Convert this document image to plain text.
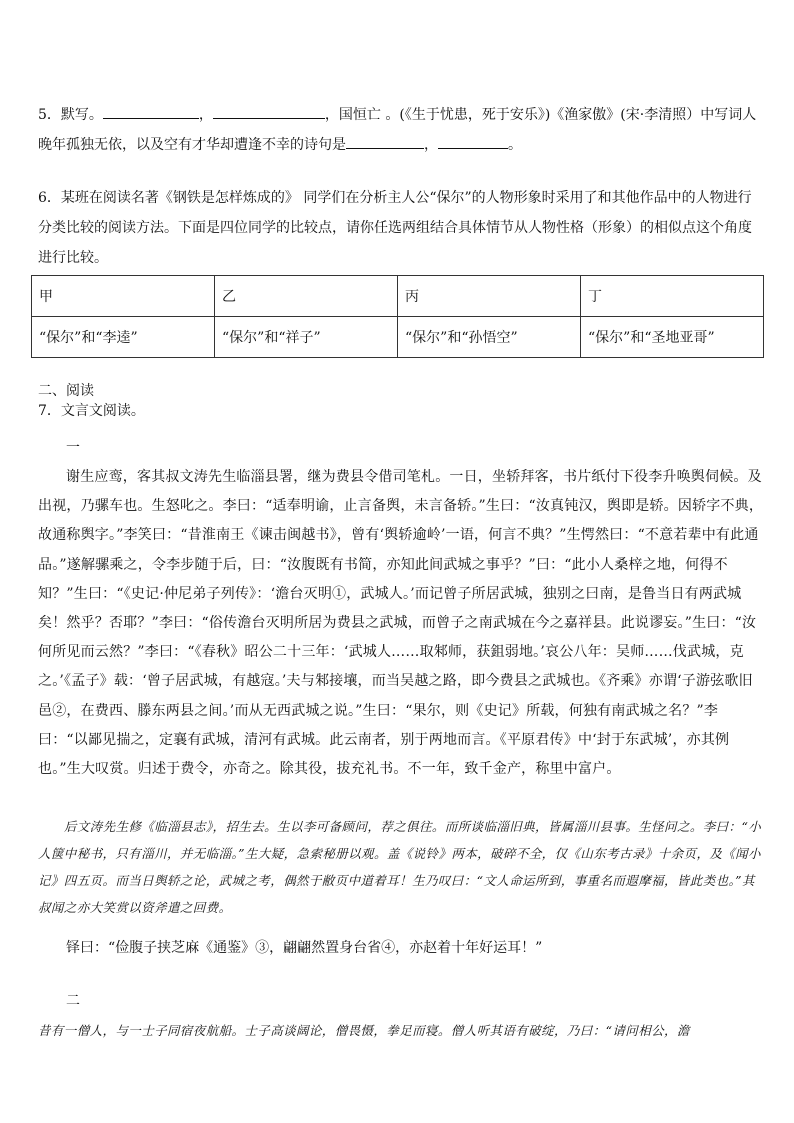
5．默写。	，	，国恒亡 。(《生于忧患，死于安乐》)《渔家傲》(宋·李清照）中写词人晚年孤独无依，以及空有才华却遭逢不幸的诗句是	，	。
6．某班在阅读名著《钢铁是怎样炼成的》 同学们在分析主人公“保尔”的人物形象时采用了和其他作品中的人物进行分类比较的阅读方法。下面是四位同学的比较点，请你任选两组结合具体情节从人物性格（形象）的相似点这个角度进行比较。
甲	乙	丙	丁
“保尔”和“李逵”	“保尔”和“祥子”	“保尔”和“孙悟空”	“保尔”和“圣地亚哥”
二、阅读
7．文言文阅读。
一
谢生应鸾，客其叔文涛先生临淄县署，继为费县令借司笔札。一日，坐轿拜客，书片纸付下役李升唤舆伺候。及出视，乃骡车也。生怒叱之。李曰：“适奉明谕，止言备舆，未言备轿。”生曰：“汝真钝汉，舆即是轿。因轿字不典，故通称舆字。”李笑曰：“昔淮南王《谏击闽越书》，曾有‘舆轿逾岭’一语，何言不典？”生愕然曰：“不意若辈中有此通品。”遂解骡乘之，令李步随于后，曰：“汝腹既有书简，亦知此间武城之事乎？”曰：“此小人桑梓之地，何得不知？”生曰：“《史记·仲尼弟子列传》：‘澹台灭明①，武城人。’而记曾子所居武城，独别之曰南，是鲁当日有两武城矣！然乎？否耶？”李曰：“俗传澹台灭明所居为费县之武城，而曾子之南武城在今之嘉祥县。此说谬妄。”生曰：“汝何所见而云然？”李曰：“《春秋》昭公二十三年：‘武城人……取邾师，获鉏弱地。’哀公八年：吴师……伐武城，克之。’《孟子》载：‘曾子居武城，有越寇。’夫与邾接壤，而当吴越之路，即今费县之武城也。《齐乘》亦谓‘子游弦歌旧邑②，在费西、滕东两县之间。’而从无西武城之说。”生曰：“果尔，则《史记》所载，何独有南武城之名？”李曰：“以鄙见揣之，定襄有武城，清河有武城。此云南者，别于两地而言。《平原君传》中‘封于东武城’，亦其例也。”生大叹赏。归述于费令，亦奇之。除其役，拔充礼书。不一年，致千金产，称里中富户。
后文涛先生修《临淄县志》，招生去。生以李可备顾问，荐之俱往。而所谈临淄旧典，皆属淄川县事。生怪问之。李曰：“小人箧中秘书，只有淄川，并无临淄。”生大疑，急索秘册以观。盖《说铃》两本，破碎不全，仅《山东考古录》十余页，及《闻小记》四五页。而当日舆轿之论，武城之考，偶然于敝页中道着耳！生乃叹曰：“文人命运所到，事重名而遐摩福，皆此类也。”其叔闻之亦大笑赏以资斧遣之回费。
铎曰：“俭腹子挟芝麻《通鉴》③，翩翩然置身台省④，亦赵着十年好运耳！”
二
昔有一僧人，与一士子同宿夜航船。士子高谈阔论，僧畏慑，拳足而寝。僧人听其语有破绽，乃曰：“请问相公，澹
